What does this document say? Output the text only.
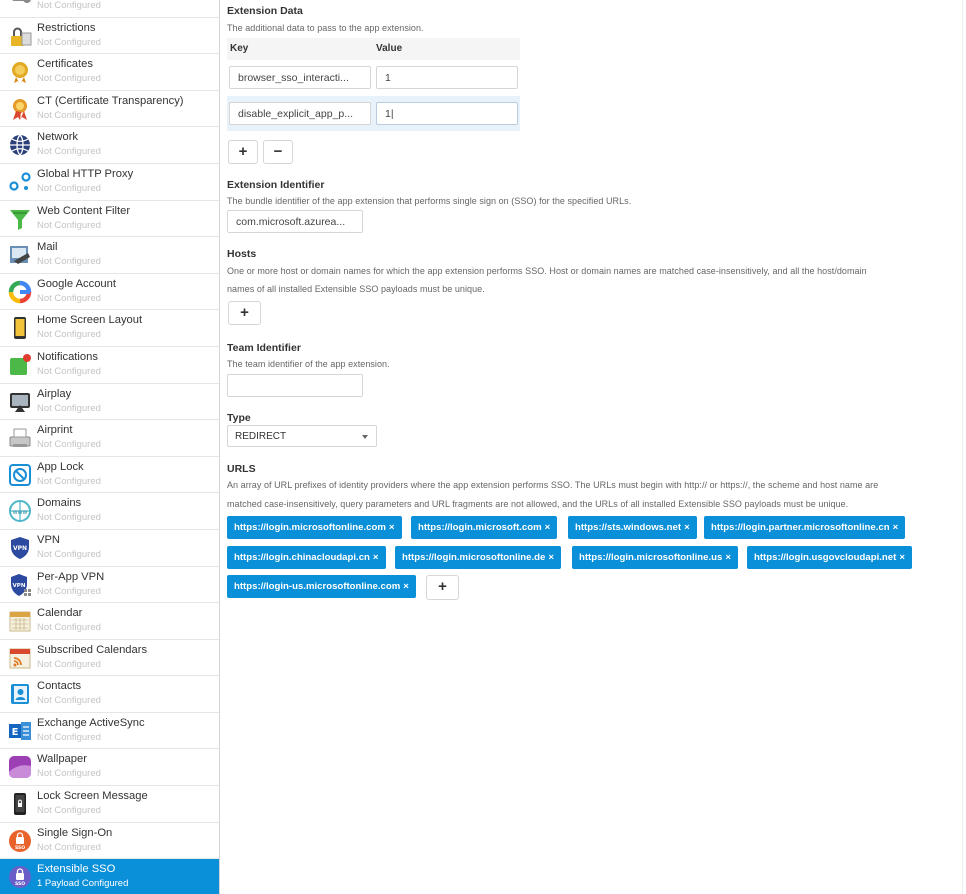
Not Configured
Restrictions
Not Configured
Certificates
Not Configured
CT (Certificate Transparency)
Not Configured
Network
Not Configured
Global HTTP Proxy
Not Configured
Web Content Filter
Not Configured
Mail
Not Configured
Google Account
Not Configured
Home Screen Layout
Not Configured
Notifications
Not Configured
Airplay
Not Configured
Airprint
Not Configured
App Lock
Not Configured
www
Domains
Not Configured
VPN
VPN
Not Configured
VPN
Per-App VPN
Not Configured
Calendar
Not Configured
Subscribed Calendars
Not Configured
Contacts
Not Configured
E
Exchange ActiveSync
Not Configured
Wallpaper
Not Configured
Lock Screen Message
Not Configured
SSO
Single Sign-On
Not Configured
SSO
Extensible SSO
1 Payload Configured
Extension Data
The additional data to pass to the app extension.
Key	Value
browser_sso_interacti...	1
disable_explicit_app_p...	1|
+	−
Extension Identifier
The bundle identifier of the app extension that performs single sign on (SSO) for the specified URLs.
com.microsoft.azurea...
Hosts
One or more host or domain names for which the app extension performs SSO. Host or domain names are matched case-insensitively, and all the host/domain
names of all installed Extensible SSO payloads must be unique.
+
Team Identifier
The team identifier of the app extension.
Type
REDIRECT
URLS
An array of URL prefixes of identity providers where the app extension performs SSO. The URLs must begin with http:// or https://, the scheme and host name are
matched case-insensitively, query parameters and URL fragments are not allowed, and the URLs of all installed Extensible SSO payloads must be unique.
https://login.microsoftonline.com ×	https://login.microsoft.com ×	https://sts.windows.net ×	https://login.partner.microsoftonline.cn ×
https://login.chinacloudapi.cn ×	https://login.microsoftonline.de ×	https://login.microsoftonline.us ×	https://login.usgovcloudapi.net ×
https://login-us.microsoftonline.com ×	+
